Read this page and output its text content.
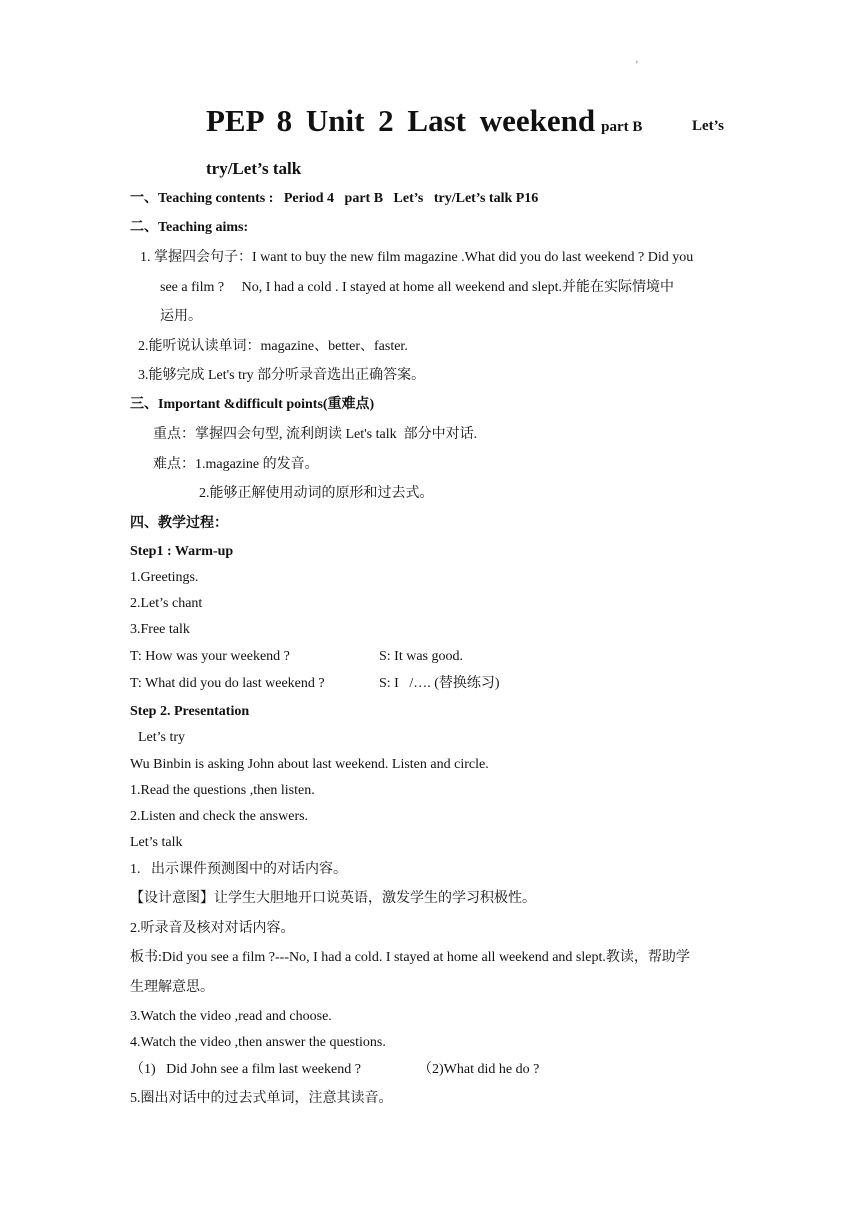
'
PEP 8 Unit 2 Last weekend part B	Let’s
try/Let’s talk
一、Teaching contents :   Period 4   part B   Let’s   try/Let’s talk P16
二、Teaching aims:
1. 掌握四会句子：I want to buy the new film magazine .What did you do last weekend ? Did you
see a film ?     No, I had a cold . I stayed at home all weekend and slept.并能在实际情境中
运用。
2.能听说认读单词：magazine、better、faster.
3.能够完成 Let's try 部分听录音选出正确答案。
三、Important &difficult points(重难点)
重点：掌握四会句型, 流利朗读 Let's talk  部分中对话.
难点：1.magazine 的发音。
2.能够正解使用动词的原形和过去式。
四、教学过程：
Step1 : Warm-up
1.Greetings.
2.Let’s chant
3.Free talk
T: How was your weekend ?	S: It was good.
T: What did you do last weekend ?	S: I   /…. (替换练习)
Step 2. Presentation
Let’s try
Wu Binbin is asking John about last weekend. Listen and circle.
1.Read the questions ,then listen.
2.Listen and check the answers.
Let’s talk
1.   出示课件预测图中的对话内容。
【设计意图】让学生大胆地开口说英语，激发学生的学习积极性。
2.听录音及核对对话内容。
板书:Did you see a film ?---No, I had a cold. I stayed at home all weekend and slept.教读，帮助学
生理解意思。
3.Watch the video ,read and choose.
4.Watch the video ,then answer the questions.
（1)   Did John see a film last weekend ?	（2)What did he do ?
5.圈出对话中的过去式单词，注意其读音。
